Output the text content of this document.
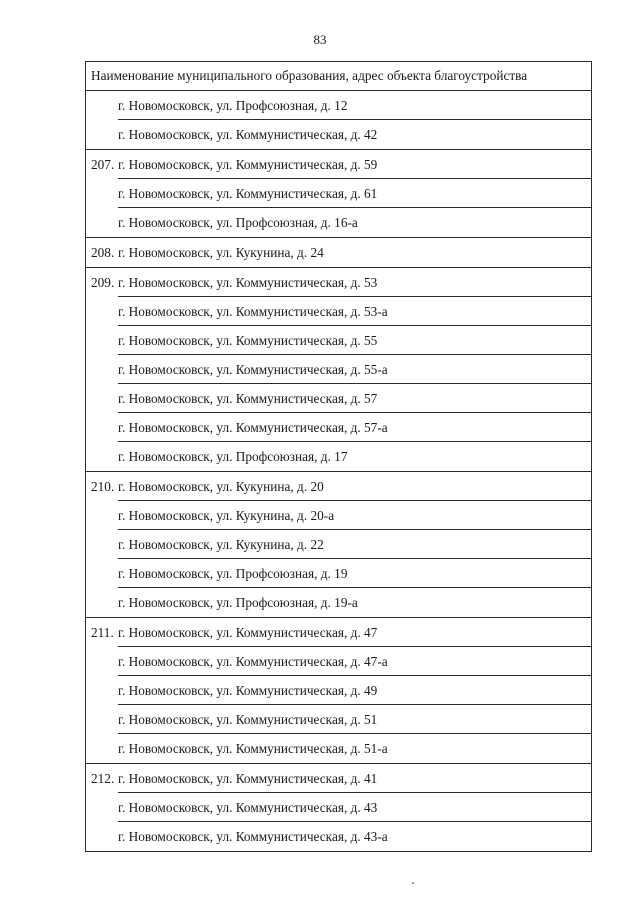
83
Наименование муниципального образования, адрес объекта благоустройства
г. Новомосковск, ул. Профсоюзная, д. 12
г. Новомосковск, ул. Коммунистическая, д. 42
207. г. Новомосковск, ул. Коммунистическая, д. 59
г. Новомосковск, ул. Коммунистическая, д. 61
г. Новомосковск, ул. Профсоюзная, д. 16-а
208. г. Новомосковск, ул. Кукунина, д. 24
209. г. Новомосковск, ул. Коммунистическая, д. 53
г. Новомосковск, ул. Коммунистическая, д. 53-а
г. Новомосковск, ул. Коммунистическая, д. 55
г. Новомосковск, ул. Коммунистическая, д. 55-а
г. Новомосковск, ул. Коммунистическая, д. 57
г. Новомосковск, ул. Коммунистическая, д. 57-а
г. Новомосковск, ул. Профсоюзная, д. 17
210. г. Новомосковск, ул. Кукунина, д. 20
г. Новомосковск, ул. Кукунина, д. 20-а
г. Новомосковск, ул. Кукунина, д. 22
г. Новомосковск, ул. Профсоюзная, д. 19
г. Новомосковск, ул. Профсоюзная, д. 19-а
211. г. Новомосковск, ул. Коммунистическая, д. 47
г. Новомосковск, ул. Коммунистическая, д. 47-а
г. Новомосковск, ул. Коммунистическая, д. 49
г. Новомосковск, ул. Коммунистическая, д. 51
г. Новомосковск, ул. Коммунистическая, д. 51-а
212. г. Новомосковск, ул. Коммунистическая, д. 41
г. Новомосковск, ул. Коммунистическая, д. 43
г. Новомосковск, ул. Коммунистическая, д. 43-а
